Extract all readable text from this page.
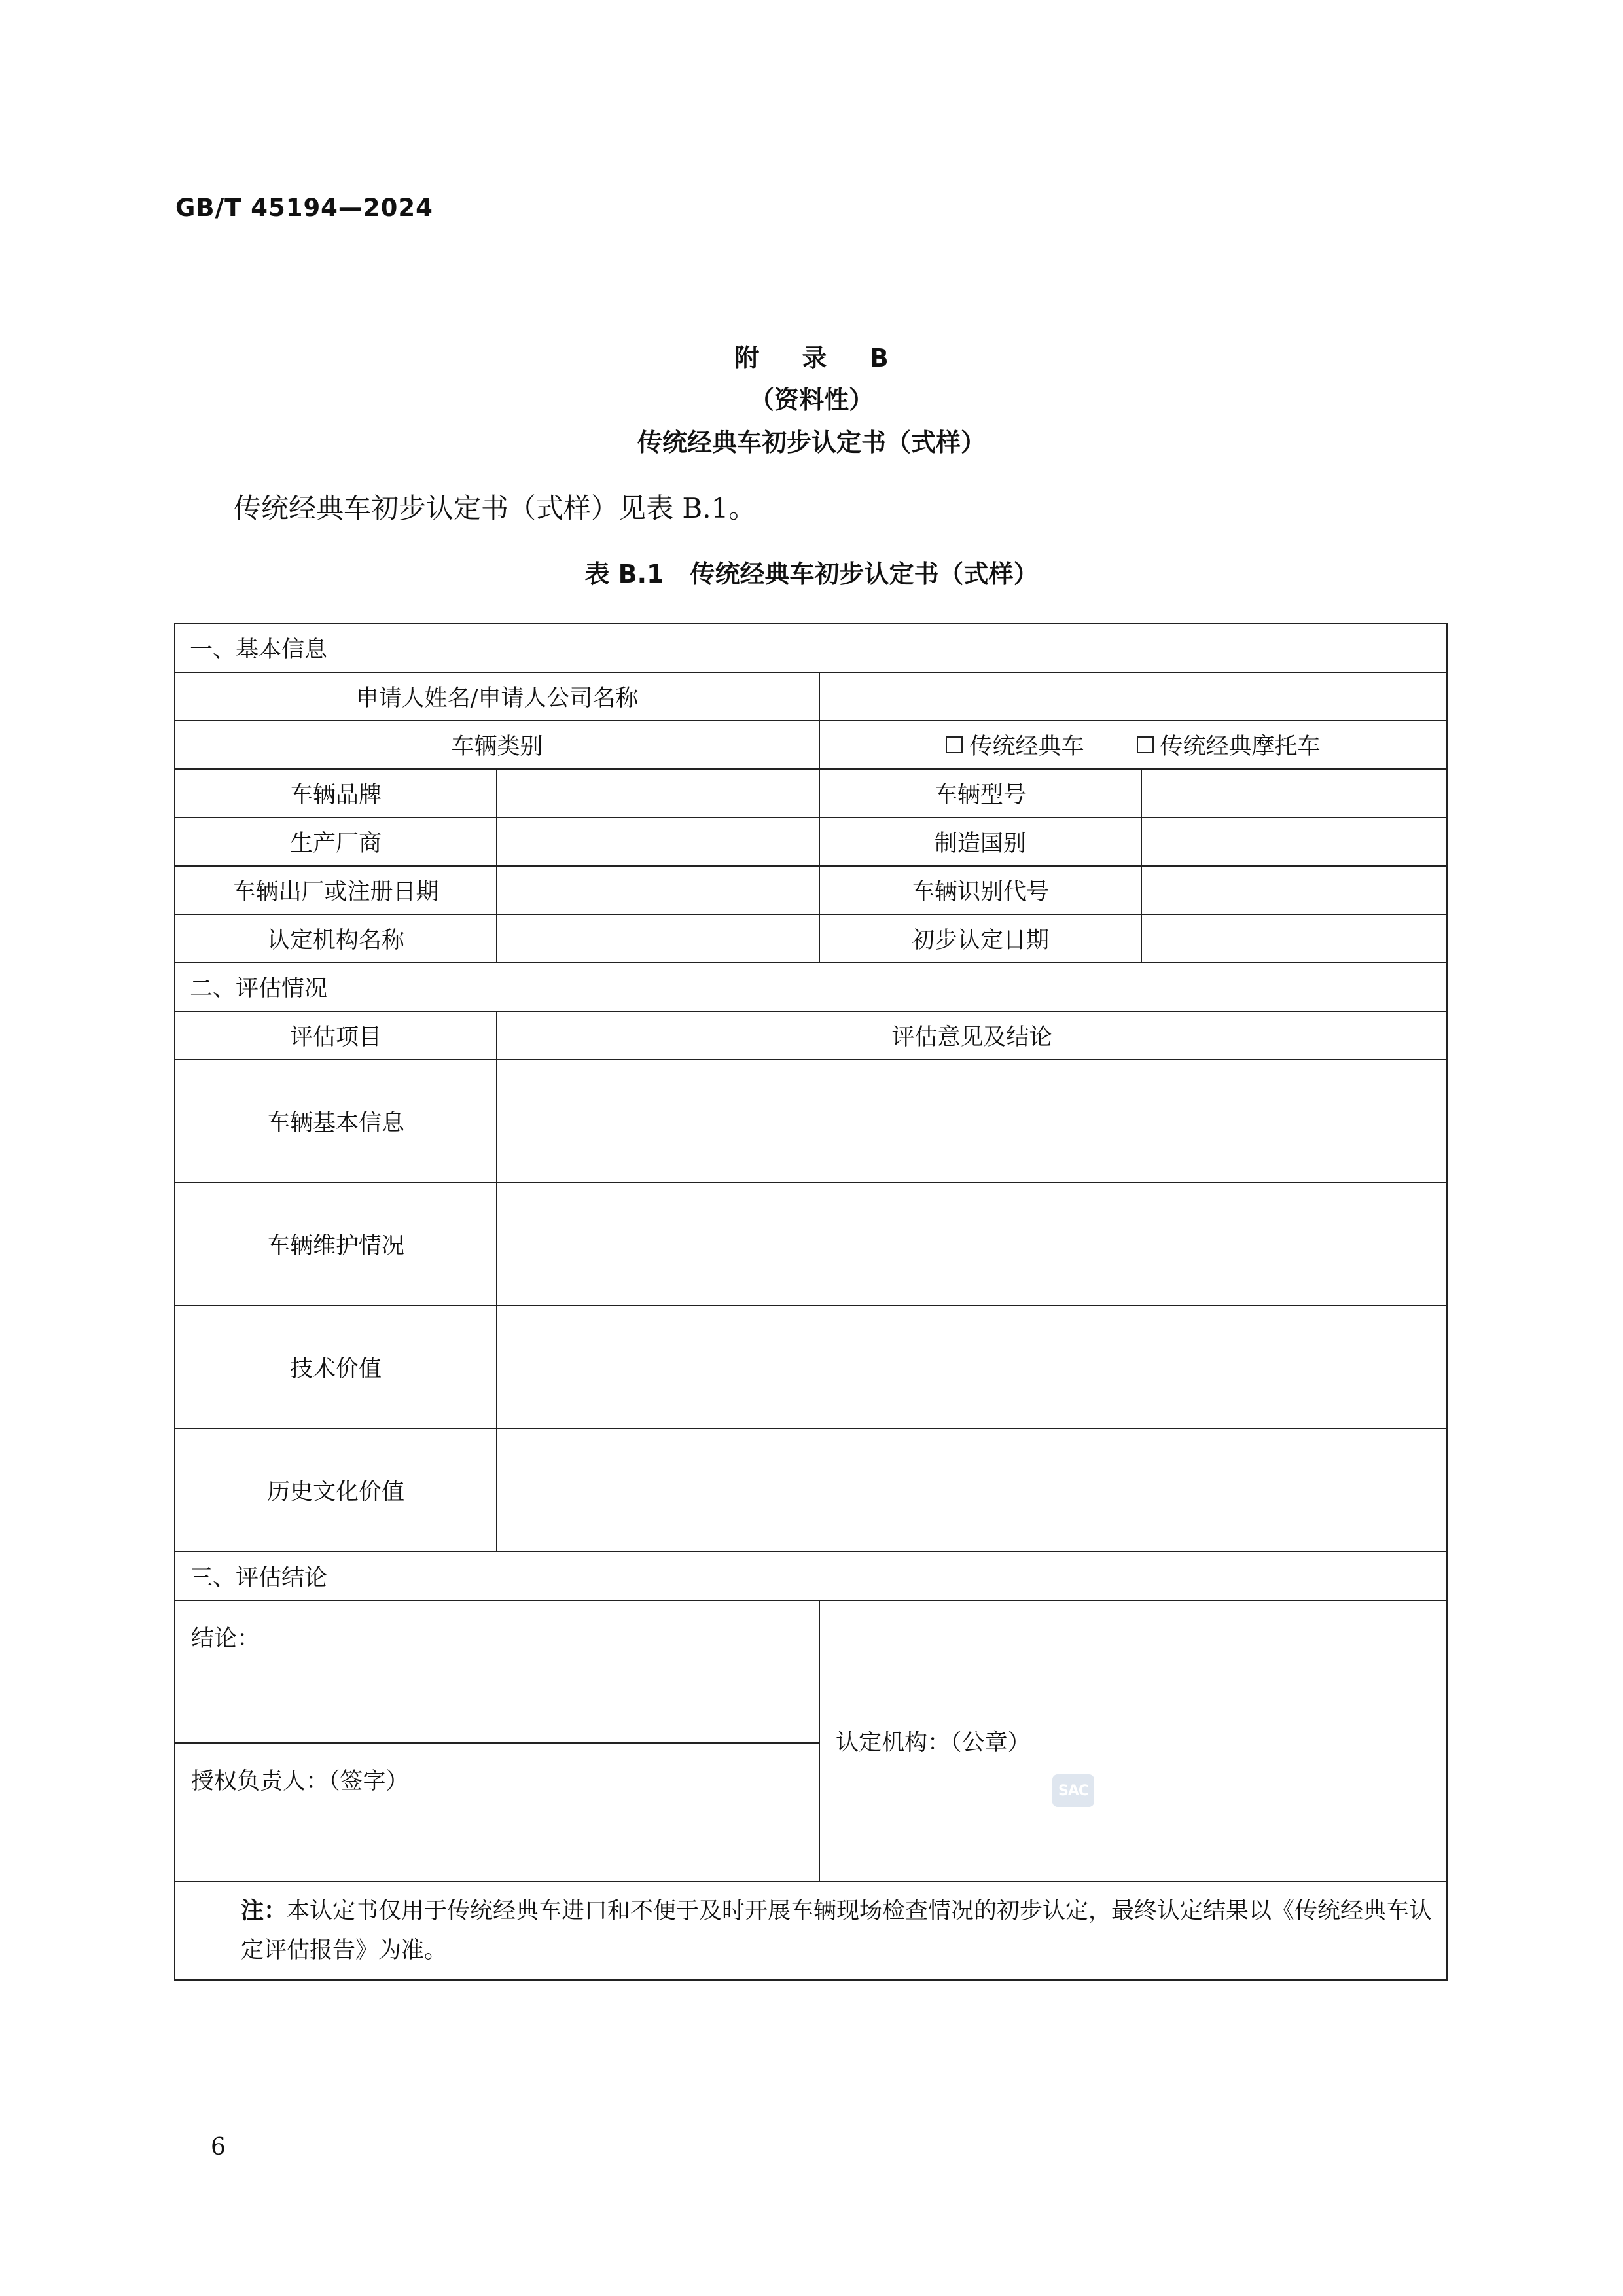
GB/T 45194—2024
附 录 B
（资料性）
传统经典车初步认定书（式样）
传统经典车初步认定书（式样）见表 B.1。
表 B.1 传统经典车初步认定书（式样）
一、基本信息			
申请人姓名/申请人公司名称			
车辆类别		传统经典车 传统经典摩托车	

车辆品牌		车辆型号	
生产厂商		制造国别	
车辆出厂或注册日期		车辆识别代号	
认定机构名称		初步认定日期	
二、评估情况			
评估项目	评估意见及结论		
车辆基本信息			
车辆维护情况			
技术价值			
历史文化价值			
三、评估结论			
结论：		认定机构：（公章）
SAC	

授权负责人：（签字）			
注：本认定书仅用于传统经典车进口和不便于及时开展车辆现场检查情况的初步认定，最终认定结果以《传统经典车认定评估报告》为准。			
6
